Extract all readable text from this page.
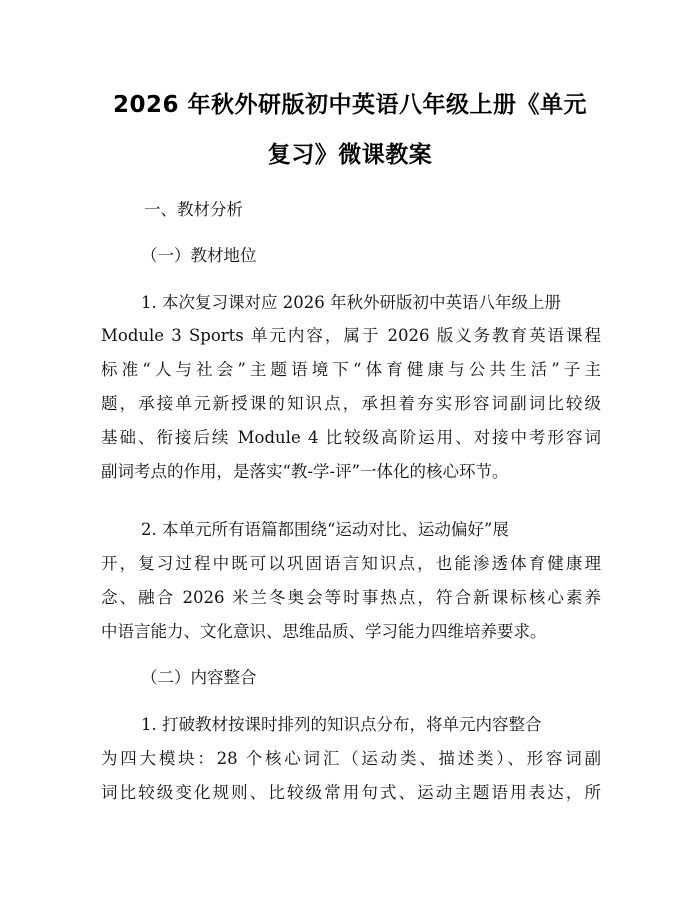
2026 年秋外研版初中英语八年级上册《单元
复习》微课教案
一、教材分析
（一）教材地位
1. 本次复习课对应 2026 年秋外研版初中英语八年级上册
Module 3 Sports 单元内容，属于 2026 版义务教育英语课程
标准“人与社会”主题语境下“体育健康与公共生活”子主
题，承接单元新授课的知识点，承担着夯实形容词副词比较级
基础、衔接后续 Module 4 比较级高阶运用、对接中考形容词
副词考点的作用，是落实“教-学-评”一体化的核心环节。
2. 本单元所有语篇都围绕“运动对比、运动偏好”展
开，复习过程中既可以巩固语言知识点，也能渗透体育健康理
念、融合 2026 米兰冬奥会等时事热点，符合新课标核心素养
中语言能力、文化意识、思维品质、学习能力四维培养要求。
（二）内容整合
1. 打破教材按课时排列的知识点分布，将单元内容整合
为四大模块：28 个核心词汇（运动类、描述类）、形容词副
词比较级变化规则、比较级常用句式、运动主题语用表达，所
